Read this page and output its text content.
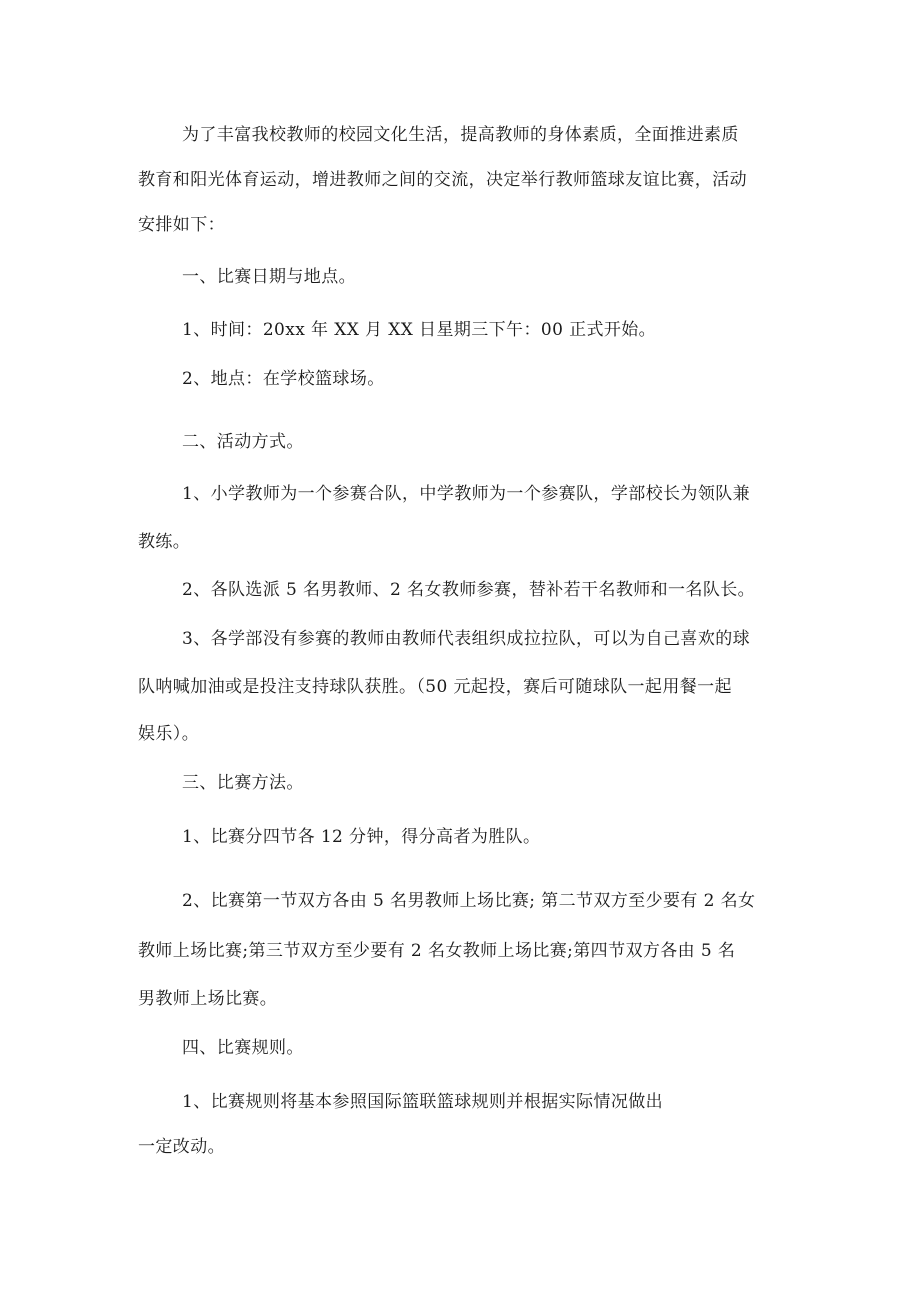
为了丰富我校教师的校园文化生活，提高教师的身体素质，全面推进素质
教育和阳光体育运动，增进教师之间的交流，决定举行教师篮球友谊比赛，活动
安排如下：
一、比赛日期与地点。
1、时间：20xx 年 XX 月 XX 日星期三下午：00 正式开始。
2、地点：在学校篮球场。
二、活动方式。
1、小学教师为一个参赛合队，中学教师为一个参赛队，学部校长为领队兼
教练。
2、各队选派 5 名男教师、2 名女教师参赛，替补若干名教师和一名队长。
3、各学部没有参赛的教师由教师代表组织成拉拉队，可以为自己喜欢的球
队呐喊加油或是投注支持球队获胜。（50 元起投，赛后可随球队一起用餐一起
娱乐）。
三、比赛方法。
1、比赛分四节各 12 分钟，得分高者为胜队。
2、比赛第一节双方各由 5 名男教师上场比赛; 第二节双方至少要有 2 名女
教师上场比赛;第三节双方至少要有 2 名女教师上场比赛;第四节双方各由 5 名
男教师上场比赛。
四、比赛规则。
1、比赛规则将基本参照国际篮联篮球规则并根据实际情况做出
一定改动。
